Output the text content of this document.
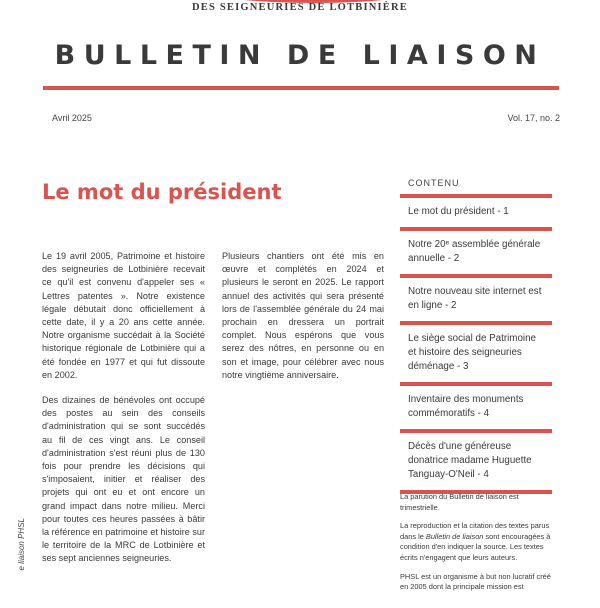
DES SEIGNEURIES DE LOTBINIÈRE
BULLETIN DE LIAISON
Avril 2025	Vol. 17, no. 2
Le mot du président

Le 19 avril 2005, Patrimoine et histoire des seigneuries de Lotbinière recevait ce qu'il est convenu d'appeler ses « Lettres patentes ». Notre existence légale débutait donc officiellement à cette date, il y a 20 ans cette année. Notre organisme succédait à la Société historique régionale de Lotbinière qui a été fondée en 1977 et qui fut dissoute en 2002.

Des dizaines de bénévoles ont occupé des postes au sein des conseils d'administration qui se sont succédés au fil de ces vingt ans. Le conseil d'administration s'est réuni plus de 130 fois pour prendre les décisions qui s'imposaient, initier et réaliser des projets qui ont eu et ont encore un grand impact dans notre milieu. Merci pour toutes ces heures passées à bâtir la référence en patrimoine et histoire sur le territoire de la MRC de Lotbinière et ses sept anciennes seigneuries.

Plusieurs chantiers ont été mis en œuvre et complétés en 2024 et plusieurs le seront en 2025. Le rapport annuel des activités qui sera présenté lors de l'assemblée générale du 24 mai prochain en dressera un portrait complet. Nous espérons que vous serez des nôtres, en personne ou en son et image, pour célébrer avec nous notre vingtième anniversaire.

e liaison PHSL
CONTENU
Le mot du président - 1
Notre 20ᵉ assemblée générale annuelle - 2
Notre nouveau site internet est en ligne - 2
Le siège social de Patrimoine et histoire des seigneuries déménage - 3
Inventaire des monuments commémoratifs - 4
Décès d'une généreuse donatrice madame Huguette Tanguay-O'Neil - 4

La parution du Bulletin de liaison est trimestrielle.

La reproduction et la citation des textes parus dans le Bulletin de liaison sont encouragées à condition d'en indiquer la source. Les textes écrits n'engagent que leurs auteurs.

PHSL est un organisme à but non lucratif créé en 2005 dont la principale mission est
